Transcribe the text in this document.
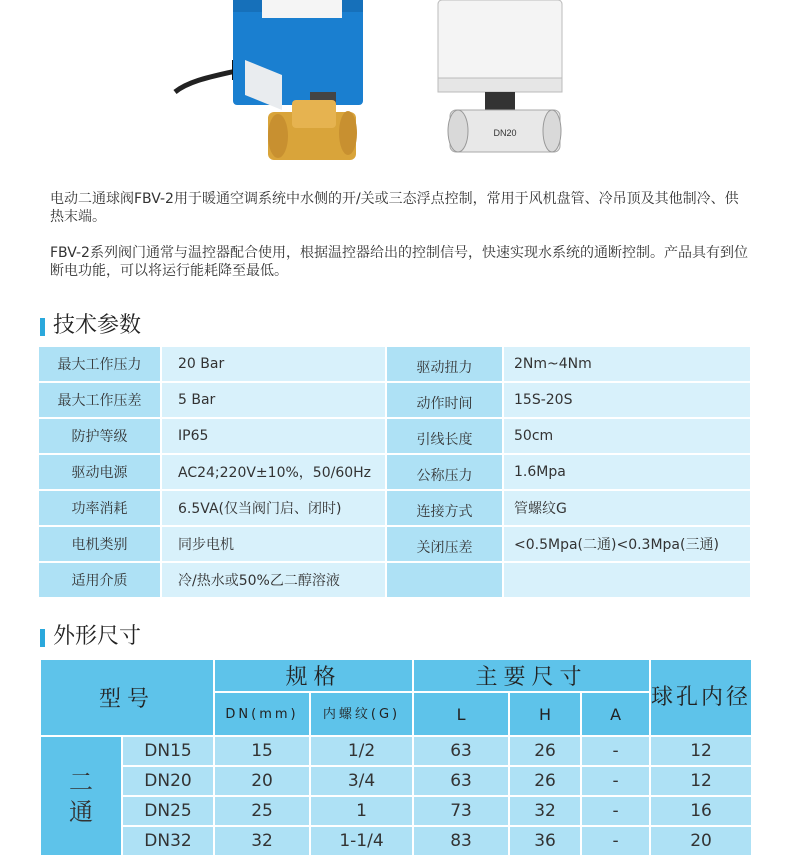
DN20

电动二通球阀FBV-2用于暖通空调系统中水侧的开/关或三态浮点控制，常用于风机盘管、冷吊顶及其他制冷、供热末端。

FBV-2系列阀门通常与温控器配合使用，根据温控器给出的控制信号，快速实现水系统的通断控制。产品具有到位断电功能，可以将运行能耗降至最低。

技术参数
最大工作压力	20 Bar	驱动扭力	2Nm~4Nm
最大工作压差	5 Bar	动作时间	15S-20S
防护等级	IP65	引线长度	50cm
驱动电源	AC24;220V±10%，50/60Hz	公称压力	1.6Mpa
功率消耗	6.5VA(仅当阀门启、闭时)	连接方式	管螺纹G
电机类别	同步电机	关闭压差	<0.5Mpa(二通)<0.3Mpa(三通)
适用介质	冷/热水或50%乙二醇溶液
外形尺寸
型号		规格		主要尺寸			球孔内径
		DN(mm)	内螺纹(G)	L	H	A	
二通	DN15	15	1/2	63	26	-	12
	DN20	20	3/4	63	26	-	12
	DN25	25	1	73	32	-	16
	DN32	32	1-1/4	83	36	-	20
